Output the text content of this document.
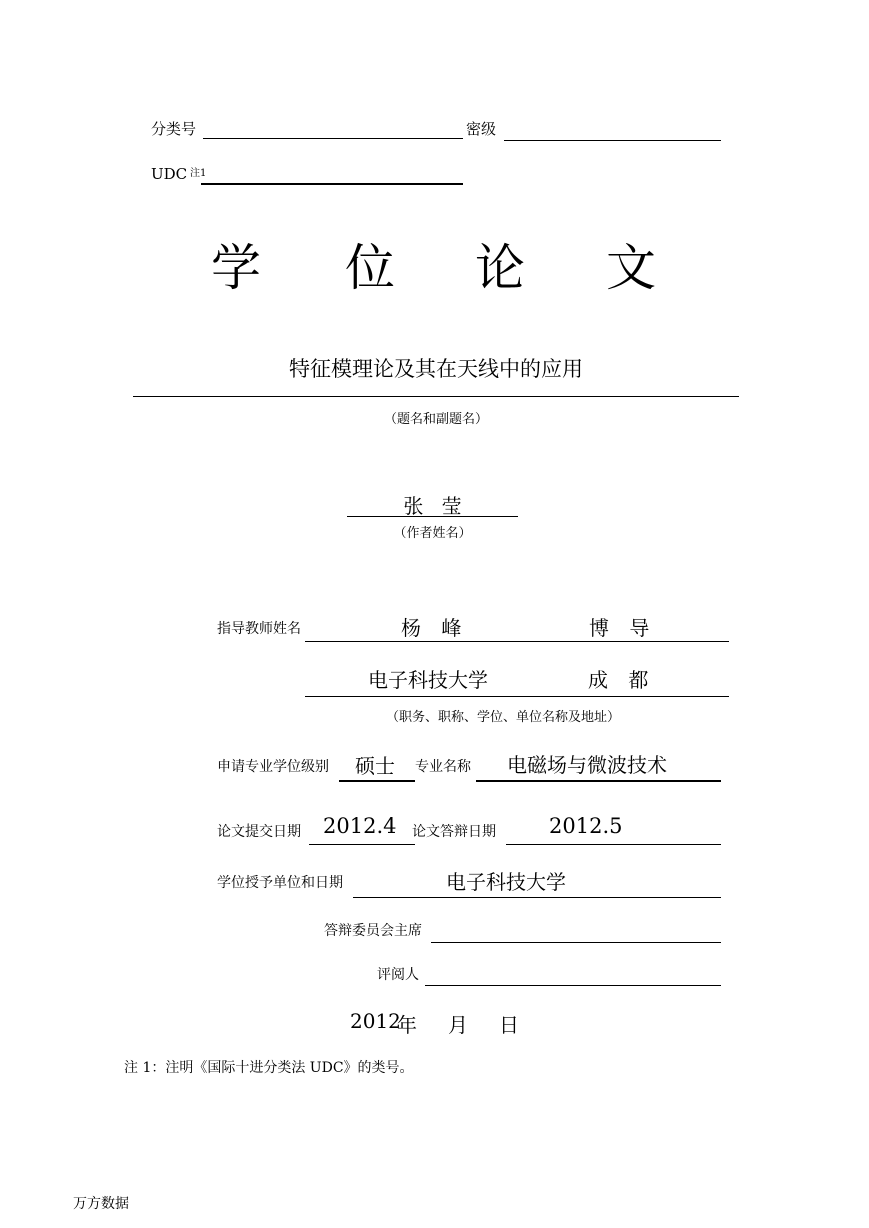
分类号	密级
UDC 注1
学 位 论 文
特征模理论及其在天线中的应用
（题名和副题名）
张 莹
（作者姓名）
指导教师姓名	杨 峰	博 导
电子科技大学	成 都
（职务、职称、学位、单位名称及地址）
申请专业学位级别 硕士 专业名称 电磁场与微波技术
论文提交日期 2012.4 论文答辩日期	2012.5
学位授予单位和日期	电子科技大学
答辩委员会主席
评阅人
2012
年 月 日
注 1：注明《国际十进分类法 UDC》的类号。
万方数据
